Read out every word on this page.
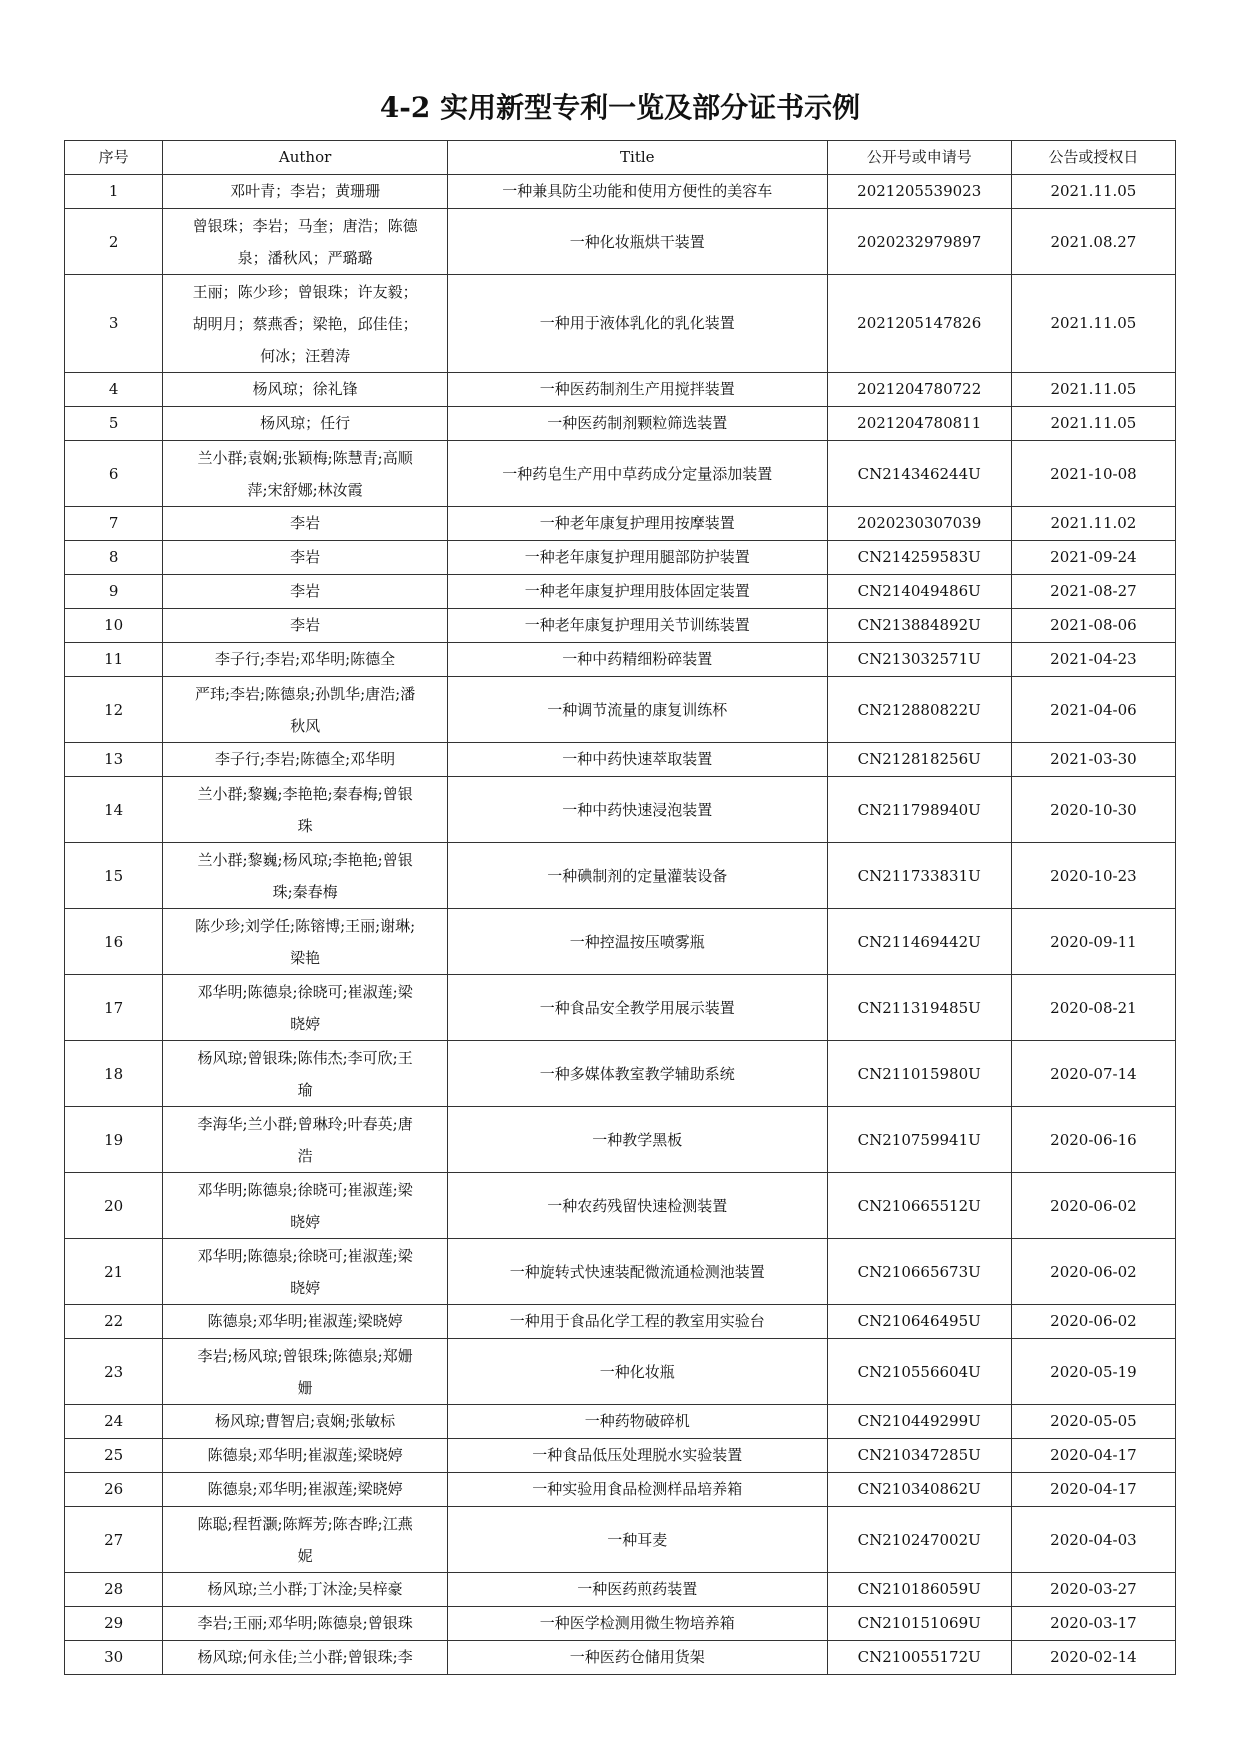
4-2 实用新型专利一览及部分证书示例
序号	Author	Title	公开号或申请号	公告或授权日
1	邓叶青；李岩；黄珊珊	一种兼具防尘功能和使用方便性的美容车	2021205539023	2021.11.05
2	曾银珠；李岩；马奎；唐浩；陈德
泉；潘秋风；严璐璐	一种化妆瓶烘干装置	2020232979897	2021.08.27
3	王丽；陈少珍；曾银珠；许友毅；
胡明月；蔡燕香；梁艳，邱佳佳；
何冰；汪碧涛	一种用于液体乳化的乳化装置	2021205147826	2021.11.05
4	杨风琼；徐礼锋	一种医药制剂生产用搅拌装置	2021204780722	2021.11.05
5	杨风琼；任行	一种医药制剂颗粒筛选装置	2021204780811	2021.11.05
6	兰小群;袁娴;张颖梅;陈慧青;高顺
萍;宋舒娜;林汝霞	一种药皂生产用中草药成分定量添加装置	CN214346244U	2021-10-08
7	李岩	一种老年康复护理用按摩装置	2020230307039	2021.11.02
8	李岩	一种老年康复护理用腿部防护装置	CN214259583U	2021-09-24
9	李岩	一种老年康复护理用肢体固定装置	CN214049486U	2021-08-27
10	李岩	一种老年康复护理用关节训练装置	CN213884892U	2021-08-06
11	李子行;李岩;邓华明;陈德全	一种中药精细粉碎装置	CN213032571U	2021-04-23
12	严玮;李岩;陈德泉;孙凯华;唐浩;潘
秋风	一种调节流量的康复训练杯	CN212880822U	2021-04-06
13	李子行;李岩;陈德全;邓华明	一种中药快速萃取装置	CN212818256U	2021-03-30
14	兰小群;黎巍;李艳艳;秦春梅;曾银
珠	一种中药快速浸泡装置	CN211798940U	2020-10-30
15	兰小群;黎巍;杨风琼;李艳艳;曾银
珠;秦春梅	一种碘制剂的定量灌装设备	CN211733831U	2020-10-23
16	陈少珍;刘学任;陈镕博;王丽;谢琳;
梁艳	一种控温按压喷雾瓶	CN211469442U	2020-09-11
17	邓华明;陈德泉;徐晓可;崔淑莲;梁
晓婷	一种食品安全教学用展示装置	CN211319485U	2020-08-21
18	杨风琼;曾银珠;陈伟杰;李可欣;王
瑜	一种多媒体教室教学辅助系统	CN211015980U	2020-07-14
19	李海华;兰小群;曾琳玲;叶春英;唐
浩	一种教学黑板	CN210759941U	2020-06-16
20	邓华明;陈德泉;徐晓可;崔淑莲;梁
晓婷	一种农药残留快速检测装置	CN210665512U	2020-06-02
21	邓华明;陈德泉;徐晓可;崔淑莲;梁
晓婷	一种旋转式快速装配微流通检测池装置	CN210665673U	2020-06-02
22	陈德泉;邓华明;崔淑莲;梁晓婷	一种用于食品化学工程的教室用实验台	CN210646495U	2020-06-02
23	李岩;杨风琼;曾银珠;陈德泉;郑姗
姗	一种化妆瓶	CN210556604U	2020-05-19
24	杨风琼;曹智启;袁娴;张敏标	一种药物破碎机	CN210449299U	2020-05-05
25	陈德泉;邓华明;崔淑莲;梁晓婷	一种食品低压处理脱水实验装置	CN210347285U	2020-04-17
26	陈德泉;邓华明;崔淑莲;梁晓婷	一种实验用食品检测样品培养箱	CN210340862U	2020-04-17
27	陈聪;程哲灏;陈辉芳;陈杏晔;江燕
妮	一种耳麦	CN210247002U	2020-04-03
28	杨风琼;兰小群;丁沐淦;吴梓豪	一种医药煎药装置	CN210186059U	2020-03-27
29	李岩;王丽;邓华明;陈德泉;曾银珠	一种医学检测用微生物培养箱	CN210151069U	2020-03-17
30	杨风琼;何永佳;兰小群;曾银珠;李	一种医药仓储用货架	CN210055172U	2020-02-14
